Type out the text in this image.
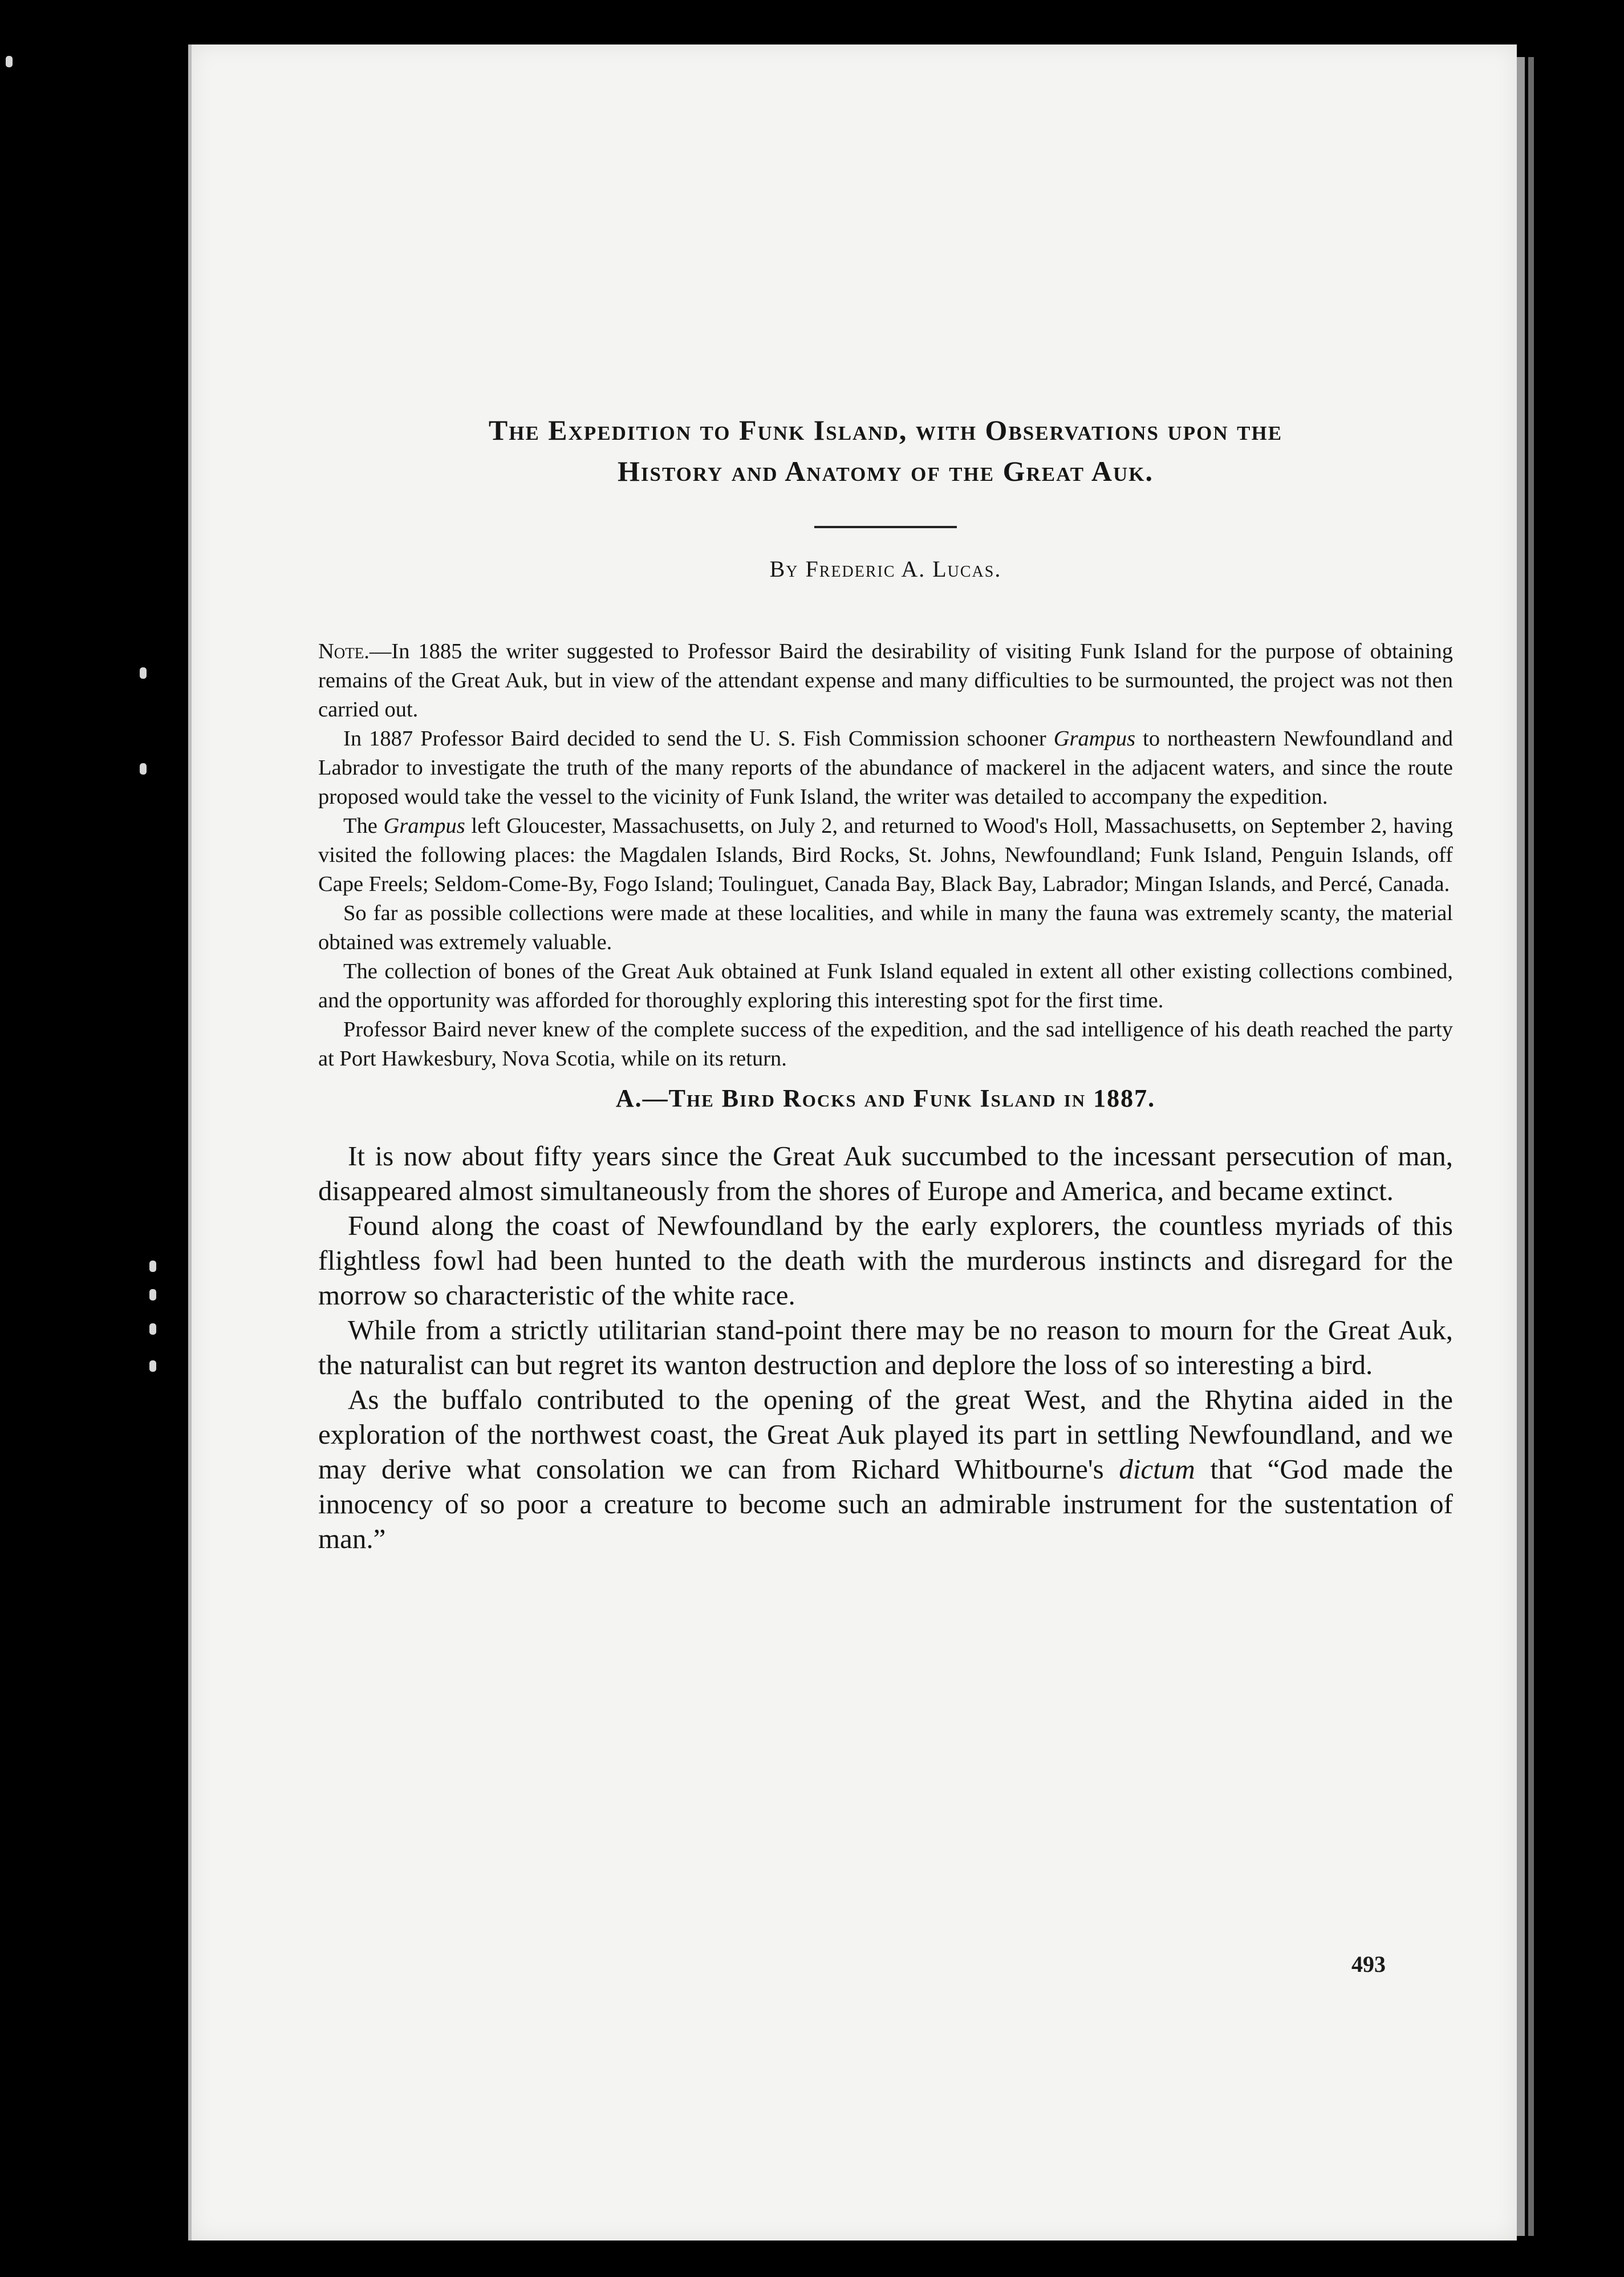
The Expedition to Funk Island, with Observations upon the
History and Anatomy of the Great Auk.
By Frederic A. Lucas.

Note.—In 1885 the writer suggested to Professor Baird the desirability of visiting Funk Island for the purpose of obtaining remains of the Great Auk, but in view of the attendant expense and many difficulties to be surmounted, the project was not then carried out.

In 1887 Professor Baird decided to send the U. S. Fish Commission schooner Grampus to northeastern Newfoundland and Labrador to investigate the truth of the many reports of the abundance of mackerel in the adjacent waters, and since the route proposed would take the vessel to the vicinity of Funk Island, the writer was detailed to accompany the expedition.

The Grampus left Gloucester, Massachusetts, on July 2, and returned to Wood's Holl, Massachusetts, on September 2, having visited the following places: the Magdalen Islands, Bird Rocks, St. Johns, Newfoundland; Funk Island, Penguin Islands, off Cape Freels; Seldom-Come-By, Fogo Island; Toulinguet, Canada Bay, Black Bay, Labrador; Mingan Islands, and Percé, Canada.

So far as possible collections were made at these localities, and while in many the fauna was extremely scanty, the material obtained was extremely valuable.

The collection of bones of the Great Auk obtained at Funk Island equaled in extent all other existing collections combined, and the opportunity was afforded for thoroughly exploring this interesting spot for the first time.

Professor Baird never knew of the complete success of the expedition, and the sad intelligence of his death reached the party at Port Hawkesbury, Nova Scotia, while on its return.

A.—The Bird Rocks and Funk Island in 1887.

It is now about fifty years since the Great Auk succumbed to the incessant persecution of man, disappeared almost simultaneously from the shores of Europe and America, and became extinct.

Found along the coast of Newfoundland by the early explorers, the countless myriads of this flightless fowl had been hunted to the death with the murderous instincts and disregard for the morrow so characteristic of the white race.

While from a strictly utilitarian stand-point there may be no reason to mourn for the Great Auk, the naturalist can but regret its wanton destruction and deplore the loss of so interesting a bird.

As the buffalo contributed to the opening of the great West, and the Rhytina aided in the exploration of the northwest coast, the Great Auk played its part in settling Newfoundland, and we may derive what consolation we can from Richard Whitbourne's dictum that “God made the innocency of so poor a creature to become such an admirable instrument for the sustentation of man.”

493
